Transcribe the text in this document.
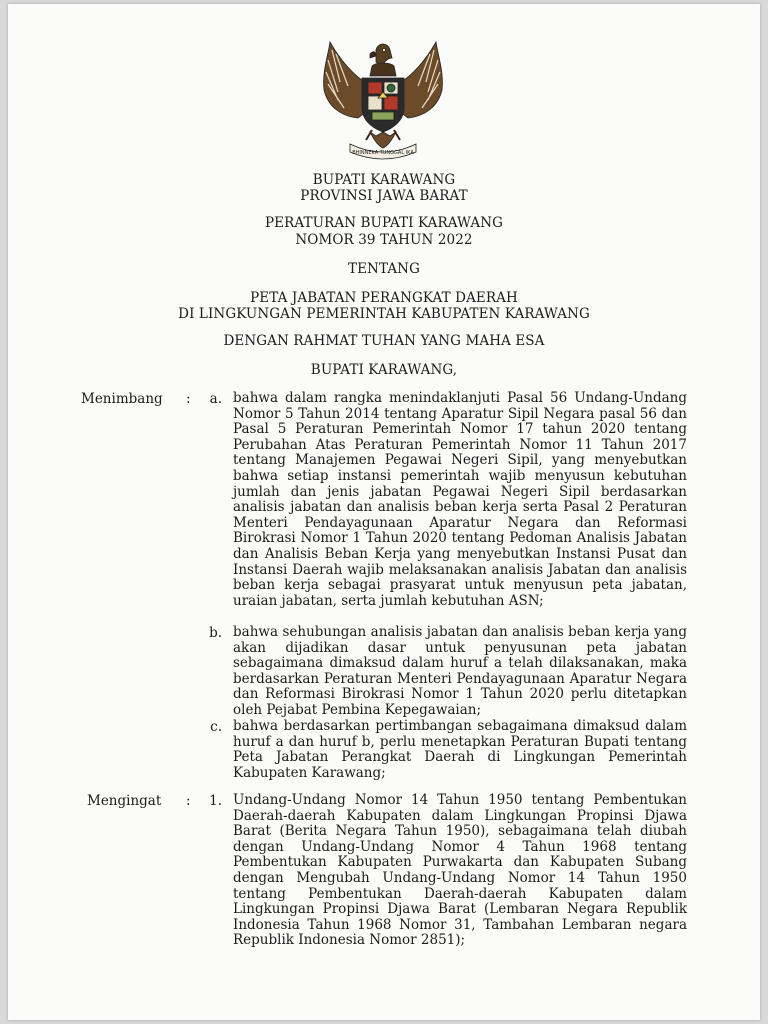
BHINNEKA TUNGGAL IKA
BUPATI KARAWANG
PROVINSI JAWA BARAT
PERATURAN BUPATI KARAWANG
NOMOR 39 TAHUN 2022
TENTANG
PETA JABATAN PERANGKAT DAERAH
DI LINGKUNGAN PEMERINTAH KABUPATEN KARAWANG
DENGAN RAHMAT TUHAN YANG MAHA ESA
BUPATI KARAWANG,
Menimbang :	a. bahwa dalam rangka menindaklanjuti Pasal 56 Undang-Undang Nomor 5 Tahun 2014 tentang Aparatur Sipil Negara pasal 56 dan Pasal 5 Peraturan Pemerintah Nomor 17 tahun 2020 tentang Perubahan Atas Peraturan Pemerintah Nomor 11 Tahun 2017 tentang Manajemen Pegawai Negeri Sipil, yang menyebutkan bahwa setiap instansi pemerintah wajib menyusun kebutuhan jumlah dan jenis jabatan Pegawai Negeri Sipil berdasarkan analisis jabatan dan analisis beban kerja serta Pasal 2 Peraturan Menteri Pendayagunaan Aparatur Negara dan Reformasi Birokrasi Nomor 1 Tahun 2020 tentang Pedoman Analisis Jabatan dan Analisis Beban Kerja yang menyebutkan Instansi Pusat dan Instansi Daerah wajib melaksanakan analisis Jabatan dan analisis beban kerja sebagai prasyarat untuk menyusun peta jabatan, uraian jabatan, serta jumlah kebutuhan ASN;
b. bahwa sehubungan analisis jabatan dan analisis beban kerja yang akan dijadikan dasar untuk penyusunan peta jabatan sebagaimana dimaksud dalam huruf a telah dilaksanakan, maka berdasarkan Peraturan Menteri Pendayagunaan Aparatur Negara dan Reformasi Birokrasi Nomor 1 Tahun 2020 perlu ditetapkan oleh Pejabat Pembina Kepegawaian;
c. bahwa berdasarkan pertimbangan sebagaimana dimaksud dalam huruf a dan huruf b, perlu menetapkan Peraturan Bupati tentang Peta Jabatan Perangkat Daerah di Lingkungan Pemerintah Kabupaten Karawang;
Mengingat :	1. Undang-Undang Nomor 14 Tahun 1950 tentang Pembentukan Daerah-daerah Kabupaten dalam Lingkungan Propinsi Djawa Barat (Berita Negara Tahun 1950), sebagaimana telah diubah dengan Undang-Undang Nomor 4 Tahun 1968 tentang Pembentukan Kabupaten Purwakarta dan Kabupaten Subang dengan Mengubah Undang-Undang Nomor 14 Tahun 1950 tentang Pembentukan Daerah-daerah Kabupaten dalam Lingkungan Propinsi Djawa Barat (Lembaran Negara Republik Indonesia Tahun 1968 Nomor 31, Tambahan Lembaran negara Republik Indonesia Nomor 2851);
